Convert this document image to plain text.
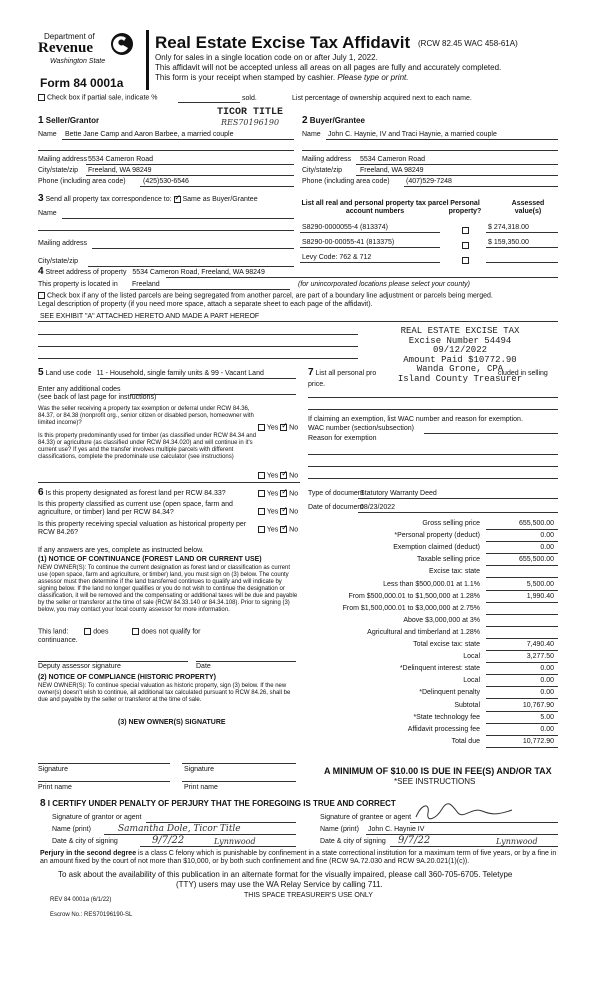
Department of
Revenue
Washington State
Form 84 0001a
Real Estate Excise Tax Affidavit (RCW 82.45 WAC 458-61A)
Only for sales in a single location code on or after July 1, 2022.
This affidavit will not be accepted unless all areas on all pages are fully and accurately completed.
This form is your receipt when stamped by cashier. Please type or print.
Check box if partial sale, indicate %	sold.	List percentage of ownership acquired next to each name.
TICOR TITLE
RES70196190
1 Seller/Grantor
Name Bette Jane Camp and Aaron Barbee, a married couple
Mailing address 5534 Cameron Road
City/state/zip Freeland, WA 98249
Phone (including area code) (425)530-6546
2 Buyer/Grantee
Name John C. Haynie, IV and Traci Haynie, a married couple
Mailing address 5534 Cameron Road
City/state/zip	Freeland, WA 98249
Phone (including area code) (407)529-7248
3 Send all property tax correspondence to: ✓ Same as Buyer/Grantee
Name
Mailing address
City/state/zip
List all real and personal property tax parcel account numbers
Personal property?
Assessed value(s)
S8290-0000055-4 (813374)	$ 274,318.00
S8290-00-00055-41 (813375)	$ 159,350.00
Levy Code: 762 & 712
4 Street address of property 5534 Cameron Road, Freeland, WA 98249
This property is located in Freeland	(for unincorporated locations please select your county)
Check box if any of the listed parcels are being segregated from another parcel, are part of a boundary line adjustment or parcels being merged.
Legal description of property (if you need more space, attach a separate sheet to each page of the affidavit).
SEE EXHIBIT "A" ATTACHED HERETO AND MADE A PART HEREOF
REAL ESTATE EXCISE TAX
Excise Number 54494
09/12/2022
Amount Paid $10772.90
Wanda Grone, CPA
Island County Treasurer
5 Land use code 11 - Household, single family units & 99 - Vacant Land
Enter any additional codes
(see back of last page for instructions)
Was the seller receiving a property tax exemption or deferral under RCW 84.36, 84.37, or 84.38 (nonprofit org., senior citizen or disabled person, homeowner with limited income)?
Yes ✓ No
Is this property predominantly used for timber (as classified under RCW 84.34 and 84.33) or agriculture (as classified under RCW 84.34.020) and will continue in it's current use? If yes and the transfer involves multiple parcels with different classifications, complete the predominate use calculator (see instructions)
Yes ✓ No
7 List all personal pro	cluded in selling
price.
If claiming an exemption, list WAC number and reason for exemption.
WAC number (section/subsection)
Reason for exemption
6 Is this property designated as forest land per RCW 84.33?	Yes ✓ No
Is this property classified as current use (open space, farm and agriculture, or timber) land per RCW 84.34?	Yes ✓ No
Is this property receiving special valuation as historical property per RCW 84.26?	Yes ✓ No
If any answers are yes, complete as instructed below.
(1) NOTICE OF CONTINUANCE (FOREST LAND OR CURRENT USE)
NEW OWNER(S): To continue the current designation as forest land or classification as current use (open space, farm and agriculture, or timber) land, you must sign on (3) below. The county assessor must then determine if the land transferred continues to qualify and will indicate by signing below. If the land no longer qualifies or you do not wish to continue the designation or classification, it will be removed and the compensating or additional taxes will be due and payable by the seller or transferor at the time of sale (RCW 84.33.140 or 84.34.108). Prior to signing (3) below, you may contact your local county assessor for more information.
This land:	does	does not qualify for
continuance.
Deputy assessor signature	Date
(2) NOTICE OF COMPLIANCE (HISTORIC PROPERTY)
NEW OWNER(S): To continue special valuation as historic property, sign (3) below. If the new owner(s) doesn't wish to continue, all additional tax calculated pursuant to RCW 84.26, shall be due and payable by the seller or transferor at the time of sale.
(3) NEW OWNER(S) SIGNATURE
Signature	Signature
Print name	Print name
Type of document
Statutory Warranty Deed
Date of document
08/23/2022
Gross selling price	655,500.00
*Personal property (deduct)	0.00
Exemption claimed (deduct)	0.00
Taxable selling price	655,500.00
Excise tax: state
Less than $500,000.01 at 1.1%	5,500.00
From $500,000.01 to $1,500,000 at 1.28%	1,990.40
From $1,500,000.01 to $3,000,000 at 2.75%
Above $3,000,000 at 3%
Agricultural and timberland at 1.28%
Total excise tax: state	7,490.40
Local	3,277.50
*Delinquent interest: state	0.00
Local	0.00
*Delinquent penalty	0.00
Subtotal	10,767.90
*State technology fee	5.00
Affidavit processing fee	0.00
Total due	10,772.90
A MINIMUM OF $10.00 IS DUE IN FEE(S) AND/OR TAX
*SEE INSTRUCTIONS
8 I CERTIFY UNDER PENALTY OF PERJURY THAT THE FOREGOING IS TRUE AND CORRECT
Signature of grantor or agent
Name (print)	Samantha Dole, Ticor Title
Date & city of signing	9/7/22	Lynnwood
Signature of grantee or agent
Name (print) John C. Haynie IV
Date & city of signing 9/7/22	Lynnwood
Perjury in the second degree is a class C felony which is punishable by confinement in a state correctional institution for a maximum term of five years, or by a fine in an amount fixed by the court of not more than $10,000, or by both such confinement and fine (RCW 9A.72.030 and RCW 9A.20.021(1)(c)).
To ask about the availability of this publication in an alternate format for the visually impaired, please call 360-705-6705. Teletype
(TTY) users may use the WA Relay Service by calling 711.
REV 84 0001a (6/1/22)
THIS SPACE TREASURER'S USE ONLY
Escrow No.: RES70196190-SL
